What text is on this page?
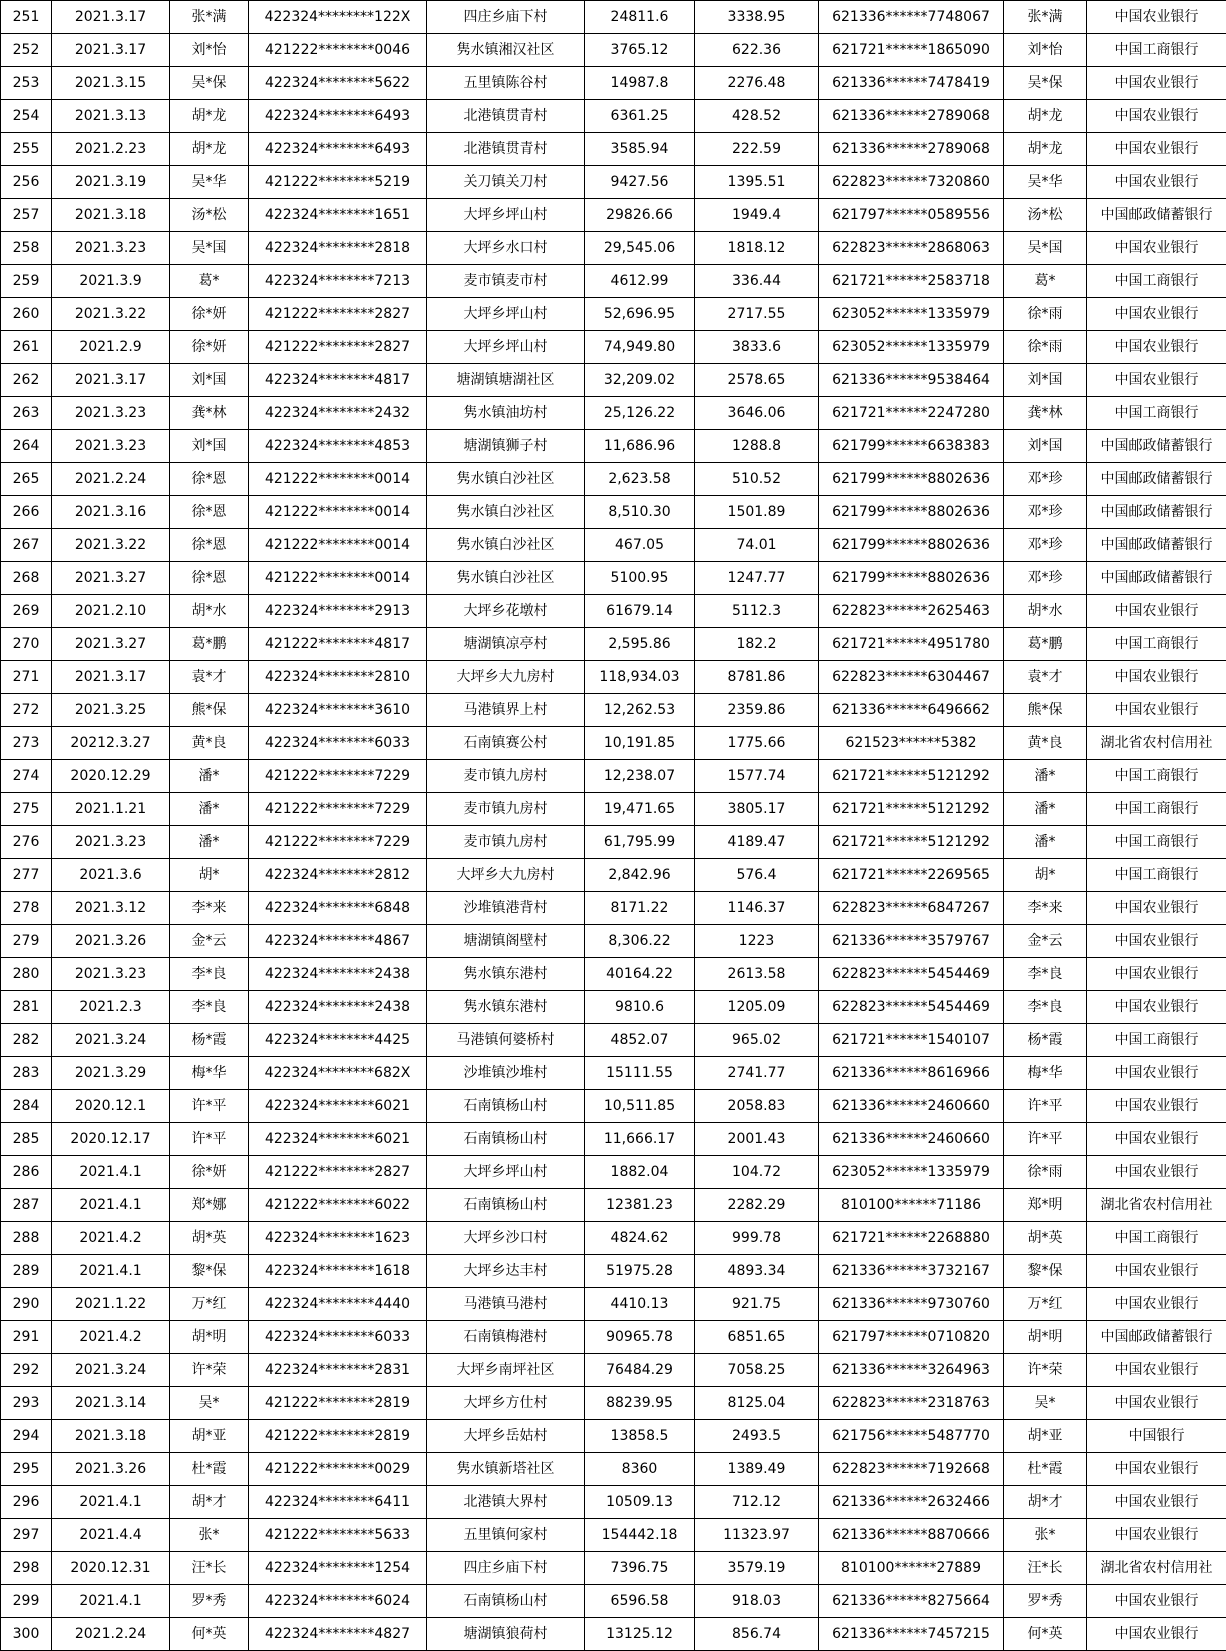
251	2021.3.17	张*满	422324********122X	四庄乡庙下村	24811.6	3338.95	621336******7748067	张*满	中国农业银行
252	2021.3.17	刘*怡	421222********0046	隽水镇湘汉社区	3765.12	622.36	621721******1865090	刘*怡	中国工商银行
253	2021.3.15	吴*保	422324********5622	五里镇陈谷村	14987.8	2276.48	621336******7478419	吴*保	中国农业银行
254	2021.3.13	胡*龙	422324********6493	北港镇贯青村	6361.25	428.52	621336******2789068	胡*龙	中国农业银行
255	2021.2.23	胡*龙	422324********6493	北港镇贯青村	3585.94	222.59	621336******2789068	胡*龙	中国农业银行
256	2021.3.19	吴*华	421222********5219	关刀镇关刀村	9427.56	1395.51	622823******7320860	吴*华	中国农业银行
257	2021.3.18	汤*松	422324********1651	大坪乡坪山村	29826.66	1949.4	621797******0589556	汤*松	中国邮政储蓄银行
258	2021.3.23	吴*国	422324********2818	大坪乡水口村	29,545.06	1818.12	622823******2868063	吴*国	中国农业银行
259	2021.3.9	葛*	422324********7213	麦市镇麦市村	4612.99	336.44	621721******2583718	葛*	中国工商银行
260	2021.3.22	徐*妍	421222********2827	大坪乡坪山村	52,696.95	2717.55	623052******1335979	徐*雨	中国农业银行
261	2021.2.9	徐*妍	421222********2827	大坪乡坪山村	74,949.80	3833.6	623052******1335979	徐*雨	中国农业银行
262	2021.3.17	刘*国	422324********4817	塘湖镇塘湖社区	32,209.02	2578.65	621336******9538464	刘*国	中国农业银行
263	2021.3.23	龚*林	422324********2432	隽水镇油坊村	25,126.22	3646.06	621721******2247280	龚*林	中国工商银行
264	2021.3.23	刘*国	422324********4853	塘湖镇狮子村	11,686.96	1288.8	621799******6638383	刘*国	中国邮政储蓄银行
265	2021.2.24	徐*恩	421222********0014	隽水镇白沙社区	2,623.58	510.52	621799******8802636	邓*珍	中国邮政储蓄银行
266	2021.3.16	徐*恩	421222********0014	隽水镇白沙社区	8,510.30	1501.89	621799******8802636	邓*珍	中国邮政储蓄银行
267	2021.3.22	徐*恩	421222********0014	隽水镇白沙社区	467.05	74.01	621799******8802636	邓*珍	中国邮政储蓄银行
268	2021.3.27	徐*恩	421222********0014	隽水镇白沙社区	5100.95	1247.77	621799******8802636	邓*珍	中国邮政储蓄银行
269	2021.2.10	胡*水	422324********2913	大坪乡花墩村	61679.14	5112.3	622823******2625463	胡*水	中国农业银行
270	2021.3.27	葛*鹏	421222********4817	塘湖镇凉亭村	2,595.86	182.2	621721******4951780	葛*鹏	中国工商银行
271	2021.3.17	袁*才	422324********2810	大坪乡大九房村	118,934.03	8781.86	622823******6304467	袁*才	中国农业银行
272	2021.3.25	熊*保	422324********3610	马港镇界上村	12,262.53	2359.86	621336******6496662	熊*保	中国农业银行
273	20212.3.27	黄*良	422324********6033	石南镇赛公村	10,191.85	1775.66	621523******5382	黄*良	湖北省农村信用社
274	2020.12.29	潘*	421222********7229	麦市镇九房村	12,238.07	1577.74	621721******5121292	潘*	中国工商银行
275	2021.1.21	潘*	421222********7229	麦市镇九房村	19,471.65	3805.17	621721******5121292	潘*	中国工商银行
276	2021.3.23	潘*	421222********7229	麦市镇九房村	61,795.99	4189.47	621721******5121292	潘*	中国工商银行
277	2021.3.6	胡*	422324********2812	大坪乡大九房村	2,842.96	576.4	621721******2269565	胡*	中国工商银行
278	2021.3.12	李*来	422324********6848	沙堆镇港背村	8171.22	1146.37	622823******6847267	李*来	中国农业银行
279	2021.3.26	金*云	422324********4867	塘湖镇阁壁村	8,306.22	1223	621336******3579767	金*云	中国农业银行
280	2021.3.23	李*良	422324********2438	隽水镇东港村	40164.22	2613.58	622823******5454469	李*良	中国农业银行
281	2021.2.3	李*良	422324********2438	隽水镇东港村	9810.6	1205.09	622823******5454469	李*良	中国农业银行
282	2021.3.24	杨*霞	422324********4425	马港镇何婆桥村	4852.07	965.02	621721******1540107	杨*霞	中国工商银行
283	2021.3.29	梅*华	422324********682X	沙堆镇沙堆村	15111.55	2741.77	621336******8616966	梅*华	中国农业银行
284	2020.12.1	许*平	422324********6021	石南镇杨山村	10,511.85	2058.83	621336******2460660	许*平	中国农业银行
285	2020.12.17	许*平	422324********6021	石南镇杨山村	11,666.17	2001.43	621336******2460660	许*平	中国农业银行
286	2021.4.1	徐*妍	421222********2827	大坪乡坪山村	1882.04	104.72	623052******1335979	徐*雨	中国农业银行
287	2021.4.1	郑*娜	421222********6022	石南镇杨山村	12381.23	2282.29	810100******71186	郑*明	湖北省农村信用社
288	2021.4.2	胡*英	422324********1623	大坪乡沙口村	4824.62	999.78	621721******2268880	胡*英	中国工商银行
289	2021.4.1	黎*保	422324********1618	大坪乡达丰村	51975.28	4893.34	621336******3732167	黎*保	中国农业银行
290	2021.1.22	万*红	422324********4440	马港镇马港村	4410.13	921.75	621336******9730760	万*红	中国农业银行
291	2021.4.2	胡*明	422324********6033	石南镇梅港村	90965.78	6851.65	621797******0710820	胡*明	中国邮政储蓄银行
292	2021.3.24	许*荣	422324********2831	大坪乡南坪社区	76484.29	7058.25	621336******3264963	许*荣	中国农业银行
293	2021.3.14	吴*	421222********2819	大坪乡方仕村	88239.95	8125.04	622823******2318763	吴*	中国农业银行
294	2021.3.18	胡*亚	421222********2819	大坪乡岳姑村	13858.5	2493.5	621756******5487770	胡*亚	中国银行
295	2021.3.26	杜*霞	421222********0029	隽水镇新塔社区	8360	1389.49	622823******7192668	杜*霞	中国农业银行
296	2021.4.1	胡*才	422324********6411	北港镇大界村	10509.13	712.12	621336******2632466	胡*才	中国农业银行
297	2021.4.4	张*	421222********5633	五里镇何家村	154442.18	11323.97	621336******8870666	张*	中国农业银行
298	2020.12.31	汪*长	422324********1254	四庄乡庙下村	7396.75	3579.19	810100******27889	汪*长	湖北省农村信用社
299	2021.4.1	罗*秀	422324********6024	石南镇杨山村	6596.58	918.03	621336******8275664	罗*秀	中国农业银行
300	2021.2.24	何*英	422324********4827	塘湖镇狼荷村	13125.12	856.74	621336******7457215	何*英	中国农业银行
